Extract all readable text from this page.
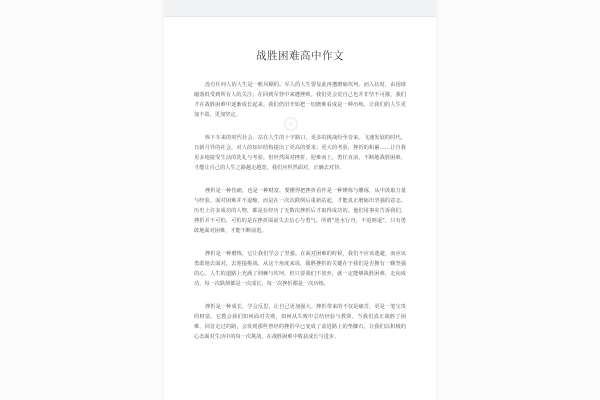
⊙
⊙
战胜困难高中作文

没有任何人的人生是一帆风顺的。军人的人生要显此再遭磨砺坎坷。而入伍时，由国球磁落低受到所有人的关注；在回到军营中来遭挫败。我们更会觉自己也并非坚不可摧，我们才在战胜困难中逐渐成长起来。我们仍旧开始把一切磨难看成是一种历练，让我们的人生更加丰盈，更加坚定。

纵下车来的时代社会，站在人生的十字路口，更多的挑战纷至沓来。飞速发展的时代，日新月异的社会，对人的知识结构提出了更高的要求；更大的考验，挫折的积累……让自我更多地接受生活的洗礼与考验。但坦然面对挫折，迎难而上，勇往直前，不断地战胜困难，才能让自己的人生之路越走越宽，我们应坦然面对，正确去对待。

挫折是一种伤痛，也是一种财富。要懂得把挫折看作是一种锤炼与雕琢，从中汲取力量与经验。面对困难并不退缩，而是在一次次跌倒后重新站起，才能真正磨砺出坚强的意志。历史上许多成功的人物，都是在经历了无数次挫折后才取得成功的。他们用事实告诉我们，挫折并不可怕，可怕的是在挫折面前失去信心与勇气。所谓“逆水行舟，不进则退”，只有勇敢地面对困难，才能不断前进。

挫折是一种磨炼，它让我们学会了坚强。在面对困难的时候，我们不应该逃避，而应该勇敢地去面对，去迎接挑战。从这个角度来说，战胜挫折的关键在于我们是否拥有一颗坚强的心。人生的道路上充满了荆棘与坎坷，但只要我们不放弃，就一定能够战胜困难，走向成功。每一次跌倒都是一次成长，每一次挫折都是一次历练。

挫折是一种成长，学会反思，让自己更加强大。挫折带来的不仅是痛苦，更是一笔宝贵的财富。它教会我们如何面对失败，如何从失败中总结经验与教训。当我们真正战胜了困难，回首走过的路，会发现那些曾经的挫折早已变成了前进路上的垫脚石。让我们以积极的心态面对生活中的每一次挑战，在战胜困难中收获成长与进步。
